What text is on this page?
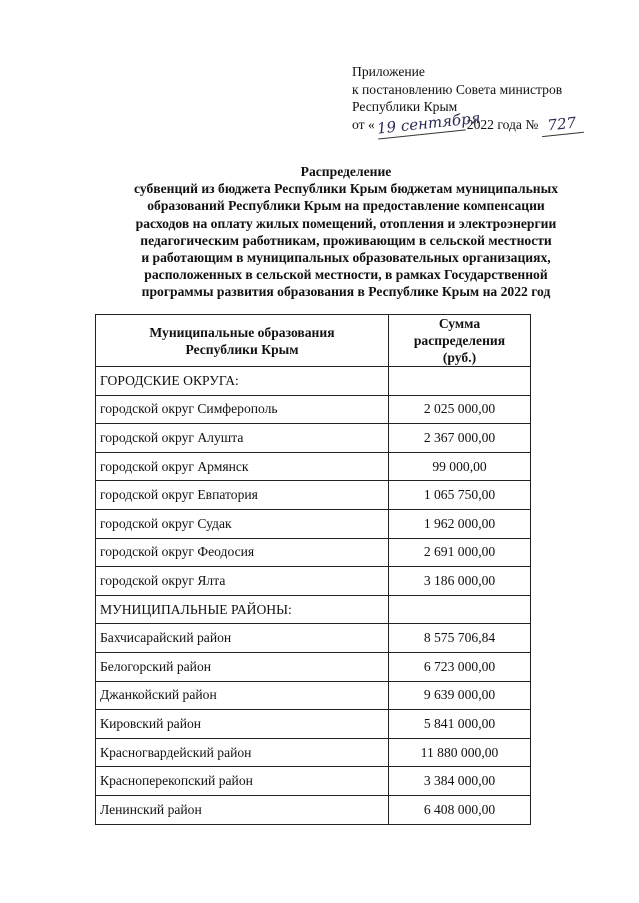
Приложение
к постановлению Совета министров
Республики Крым
от «19 сентября2022 года № 727
Распределение
субвенций из бюджета Республики Крым бюджетам муниципальных
образований Республики Крым на предоставление компенсации
расходов на оплату жилых помещений, отопления и электроэнергии
педагогическим работникам, проживающим в сельской местности
и работающим в муниципальных образовательных организациях,
расположенных в сельской местности, в рамках Государственной
программы развития образования в Республике Крым на 2022 год
Муниципальные образования
Республики Крым	Сумма распределения
(руб.)

ГОРОДСКИЕ ОКРУГА:	
городской округ Симферополь	2 025 000,00
городской округ Алушта	2 367 000,00
городской округ Армянск	99 000,00
городской округ Евпатория	1 065 750,00
городской округ Судак	1 962 000,00
городской округ Феодосия	2 691 000,00
городской округ Ялта	3 186 000,00
МУНИЦИПАЛЬНЫЕ РАЙОНЫ:	
Бахчисарайский район	8 575 706,84
Белогорский район	6 723 000,00
Джанкойский район	9 639 000,00
Кировский район	5 841 000,00
Красногвардейский район	11 880 000,00
Красноперекопский район	3 384 000,00
Ленинский район	6 408 000,00
